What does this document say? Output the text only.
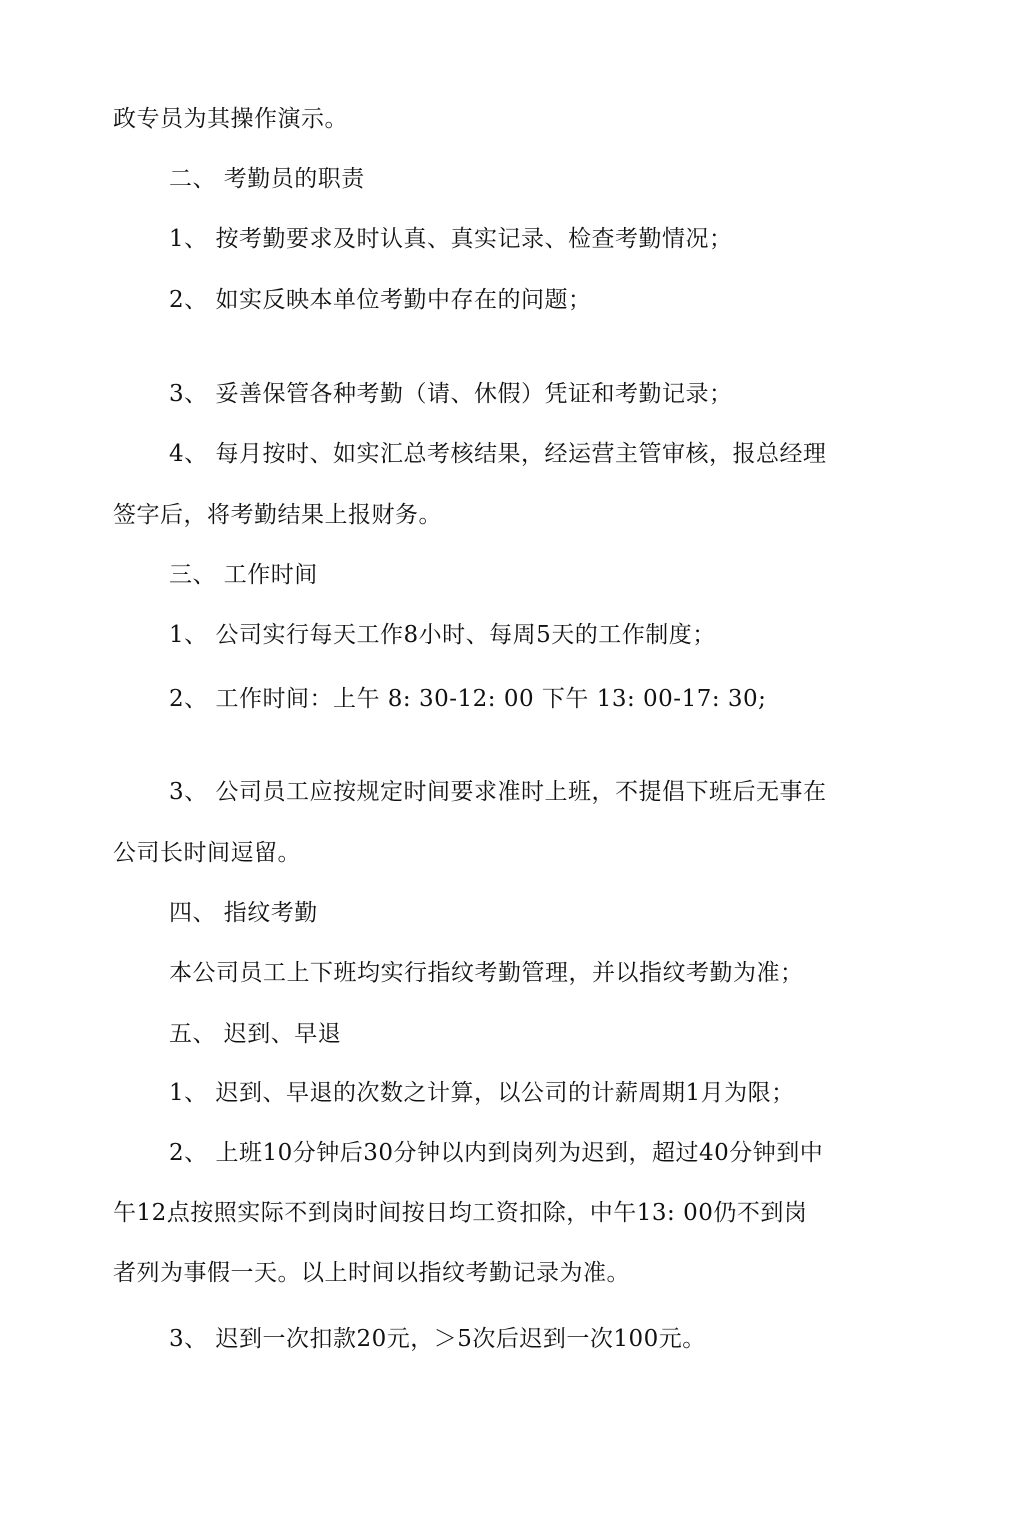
政专员为其操作演示。
二、 考勤员的职责
1、 按考勤要求及时认真、真实记录、检查考勤情况；
2、 如实反映本单位考勤中存在的问题；
3、 妥善保管各种考勤（请、休假）凭证和考勤记录；
4、 每月按时、如实汇总考核结果，经运营主管审核，报总经理
签字后，将考勤结果上报财务。
三、 工作时间
1、 公司实行每天工作8小时、每周5天的工作制度；
2、 工作时间：上午 8: 30-12: 00 下午 13: 00-17: 30;
3、 公司员工应按规定时间要求准时上班，不提倡下班后无事在
公司长时间逗留。
四、 指纹考勤
本公司员工上下班均实行指纹考勤管理，并以指纹考勤为准；
五、 迟到、早退
1、 迟到、早退的次数之计算，以公司的计薪周期1月为限；
2、 上班10分钟后30分钟以内到岗列为迟到，超过40分钟到中
午12点按照实际不到岗时间按日均工资扣除，中午13: 00仍不到岗
者列为事假一天。以上时间以指纹考勤记录为准。
3、 迟到一次扣款20元，＞5次后迟到一次100元。
